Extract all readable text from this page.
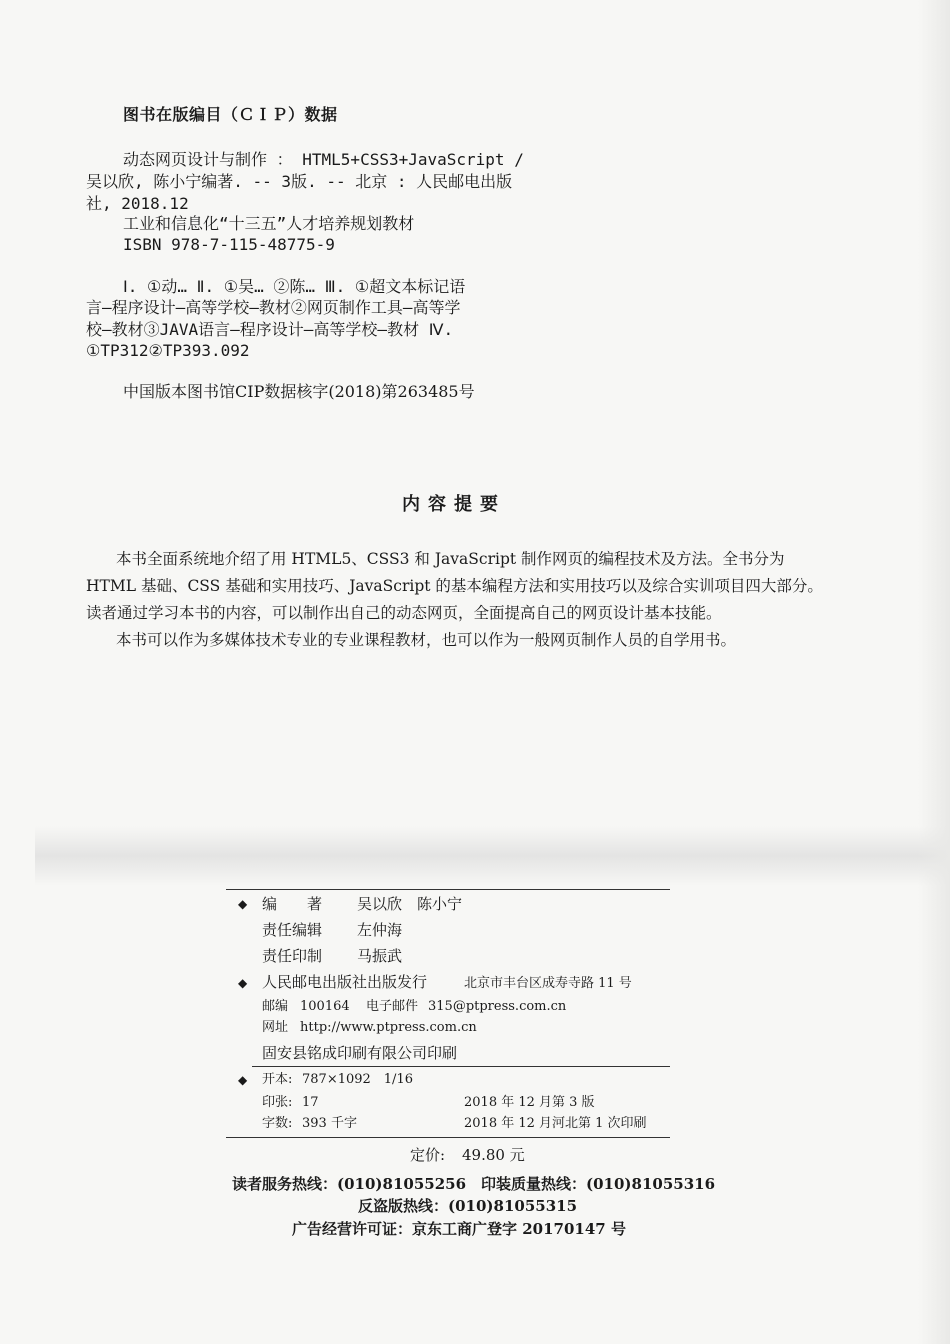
图书在版编目（ＣＩＰ）数据
动态网页设计与制作 ： HTML5+CSS3+JavaScript /
吴以欣, 陈小宁编著. -- 3版. -- 北京 : 人民邮电出版
社, 2018.12
工业和信息化“十三五”人才培养规划教材
ISBN 978-7-115-48775-9
Ⅰ. ①动… Ⅱ. ①吴… ②陈… Ⅲ. ①超文本标记语
言—程序设计—高等学校—教材②网页制作工具—高等学
校—教材③JAVA语言—程序设计—高等学校—教材 Ⅳ.
①TP312②TP393.092
中国版本图书馆CIP数据核字(2018)第263485号
内容提要
本书全面系统地介绍了用 HTML5、CSS3 和 JavaScript 制作网页的编程技术及方法。全书分为 HTML 基础、CSS 基础和实用技巧、JavaScript 的基本编程方法和实用技巧以及综合实训项目四大部分。读者通过学习本书的内容，可以制作出自己的动态网页，全面提高自己的网页设计基本技能。
本书可以作为多媒体技术专业的专业课程教材，也可以作为一般网页制作人员的自学用书。
◆ 编　　著 吴以欣　陈小宁
责任编辑 左仲海
责任印制 马振武
◆ 人民邮电出版社出版发行	北京市丰台区成寿寺路 11 号
邮编 100164 电子邮件 315@ptpress.com.cn
网址 http://www.ptpress.com.cn
固安县铭成印刷有限公司印刷
◆ 开本: 787×1092　1/16
印张: 17	2018 年 12 月第 3 版
字数: 393 千字	2018 年 12 月河北第 1 次印刷
定价: 49.80 元
读者服务热线：(010)81055256　印装质量热线：(010)81055316
反盗版热线：(010)81055315
广告经营许可证：京东工商广登字 20170147 号
